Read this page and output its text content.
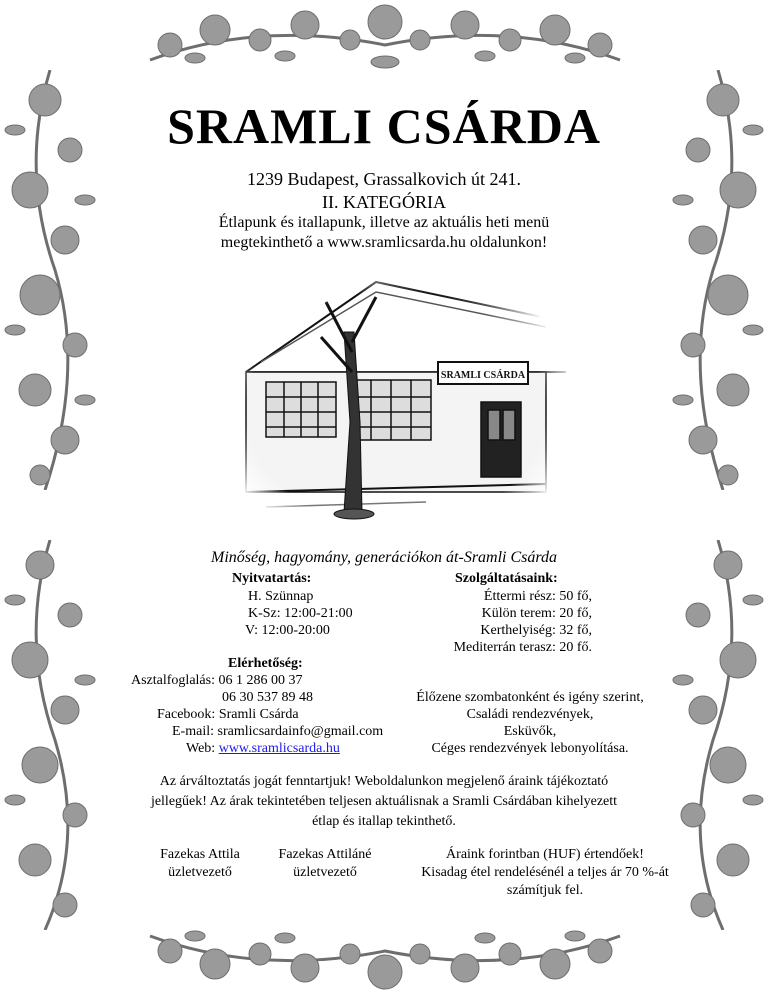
SRAMLI CSÁRDA
1239 Budapest, Grassalkovich út 241.
II. KATEGÓRIA
Étlapunk és itallapunk, illetve az aktuális heti menü
megtekinthető a www.sramlicsarda.hu oldalunkon!
Minőség, hagyomány, generációkon át-Sramli Csárda
Nyitvatartás:
H. Szünnap
K-Sz: 12:00-21:00
V: 12:00-20:00
Szolgáltatásaink:
Éttermi rész: 50 fő,
Külön terem: 20 fő,
Kerthelyiség: 32 fő,
Mediterrán terasz: 20 fő.
Elérhetőség:
Asztalfoglalás: 06 1 286 00 37
06 30 537 89 48
Facebook: Sramli Csárda
E-mail: sramlicsardainfo@gmail.com
Web: www.sramlicsarda.hu
Élőzene szombatonként és igény szerint,
Családi rendezvények,
Esküvők,
Céges rendezvények lebonyolítása.
Az árváltoztatás jogát fenntartjuk! Weboldalunkon megjelenő áraink tájékoztató
jellegűek! Az árak tekintetében teljesen aktuálisnak a Sramli Csárdában kihelyezett
étlap és itallap tekinthető.
Fazekas Attila
üzletvezető
Fazekas Attiláné
üzletvezető
Áraink forintban (HUF) értendőek!
Kisadag étel rendelésénél a teljes ár 70 %-át
számítjuk fel.
